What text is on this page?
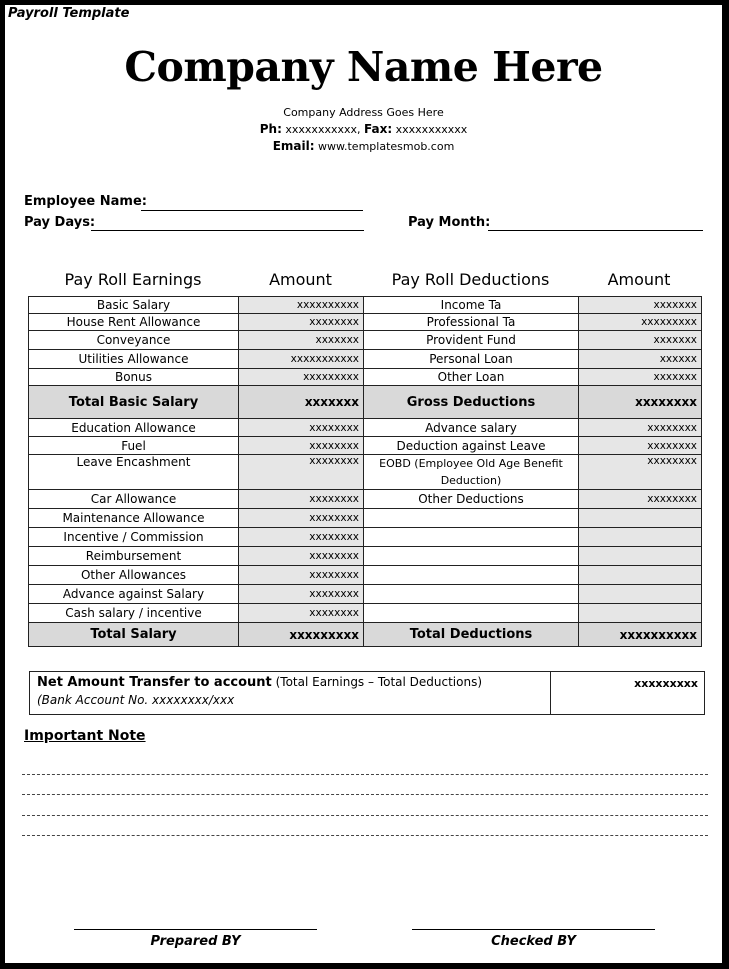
Payroll Template
Company Name Here
Company Address Goes Here
Ph: xxxxxxxxxxx, Fax: xxxxxxxxxxx
Email: www.templatesmob.com
Employee Name:
Pay Days:	Pay Month:
Pay Roll Earnings	Amount	Pay Roll Deductions	Amount
Basic Salary	xxxxxxxxxx	Income Ta	xxxxxxx
House Rent Allowance	xxxxxxxx	Professional Ta	xxxxxxxxx
Conveyance	xxxxxxx	Provident Fund	xxxxxxx
Utilities Allowance	xxxxxxxxxxx	Personal Loan	xxxxxx
Bonus	xxxxxxxxx	Other Loan	xxxxxxx
Total Basic Salary	xxxxxxx	Gross Deductions	xxxxxxxx
Education Allowance	xxxxxxxx	Advance salary	xxxxxxxx
Fuel	xxxxxxxx	Deduction against Leave	xxxxxxxx
Leave Encashment	xxxxxxxx	EOBD (Employee Old Age Benefit Deduction)	xxxxxxxx
Car Allowance	xxxxxxxx	Other Deductions	xxxxxxxx
Maintenance Allowance	xxxxxxxx		
Incentive / Commission	xxxxxxxx		
Reimbursement	xxxxxxxx		
Other Allowances	xxxxxxxx		
Advance against Salary	xxxxxxxx		
Cash salary / incentive	xxxxxxxx		
Total Salary	xxxxxxxxx	Total Deductions	xxxxxxxxxx
Net Amount Transfer to account (Total Earnings – Total Deductions)
(Bank Account No. xxxxxxxx/xxx
xxxxxxxxx
Important Note
Prepared BY	Checked BY
